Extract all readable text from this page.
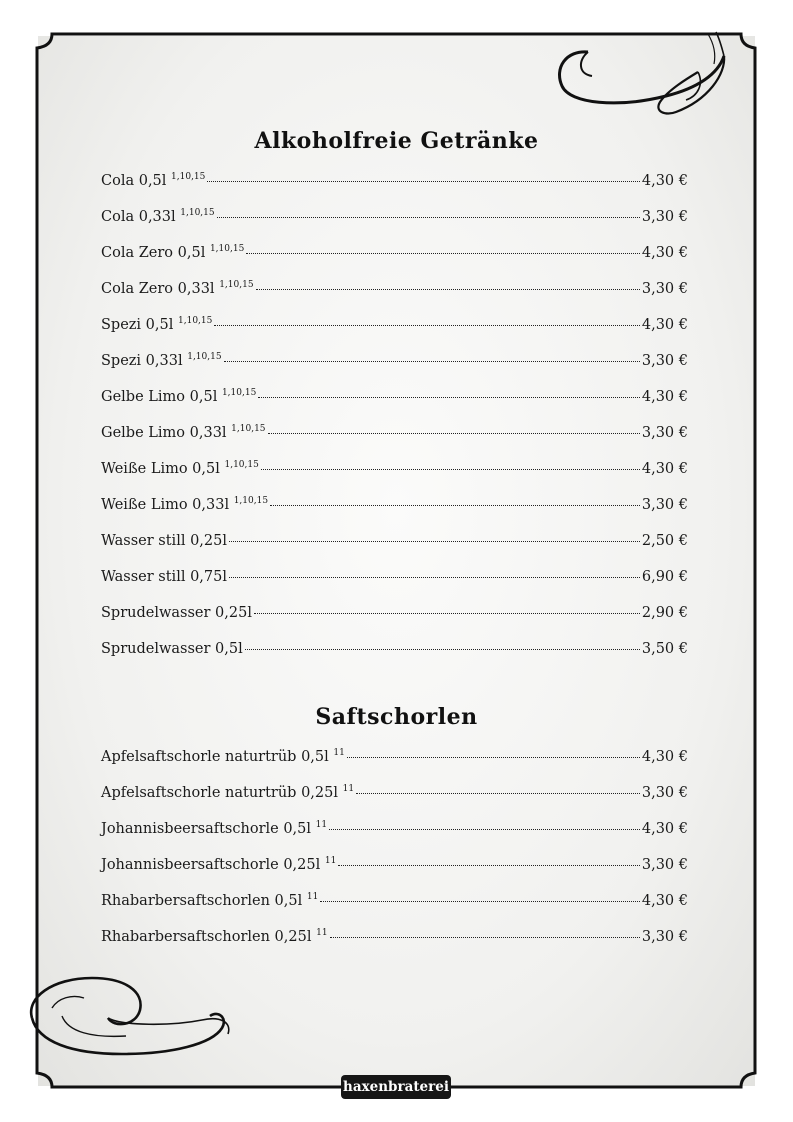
Alkoholfreie Getränke
Cola 0,5l $^{1,10,15}$	4,30 €
Cola 0,33l $^{1,10,15}$	3,30 €
Cola Zero 0,5l $^{1,10,15}$	4,30 €
Cola Zero 0,33l $^{1,10,15}$	3,30 €
Spezi 0,5l $^{1,10,15}$	4,30 €
Spezi 0,33l $^{1,10,15}$	3,30 €
Gelbe Limo 0,5l $^{1,10,15}$	4,30 €
Gelbe Limo 0,33l $^{1,10,15}$	3,30 €
Weiße Limo 0,5l $^{1,10,15}$	4,30 €
Weiße Limo 0,33l $^{1,10,15}$	3,30 €
Wasser still 0,25l	2,50 €
Wasser still 0,75l	6,90 €
Sprudelwasser 0,25l	2,90 €
Sprudelwasser 0,5l	3,50 €
Saftschorlen
Apfelsaftschorle naturtrüb 0,5l $^{11}$	4,30 €
Apfelsaftschorle naturtrüb 0,25l $^{11}$	3,30 €
Johannisbeersaftschorle 0,5l $^{11}$	4,30 €
Johannisbeersaftschorle 0,25l $^{11}$	3,30 €
Rhabarbersaftschorlen 0,5l $^{11}$	4,30 €
Rhabarbersaftschorlen 0,25l $^{11}$	3,30 €
haxenbraterei
